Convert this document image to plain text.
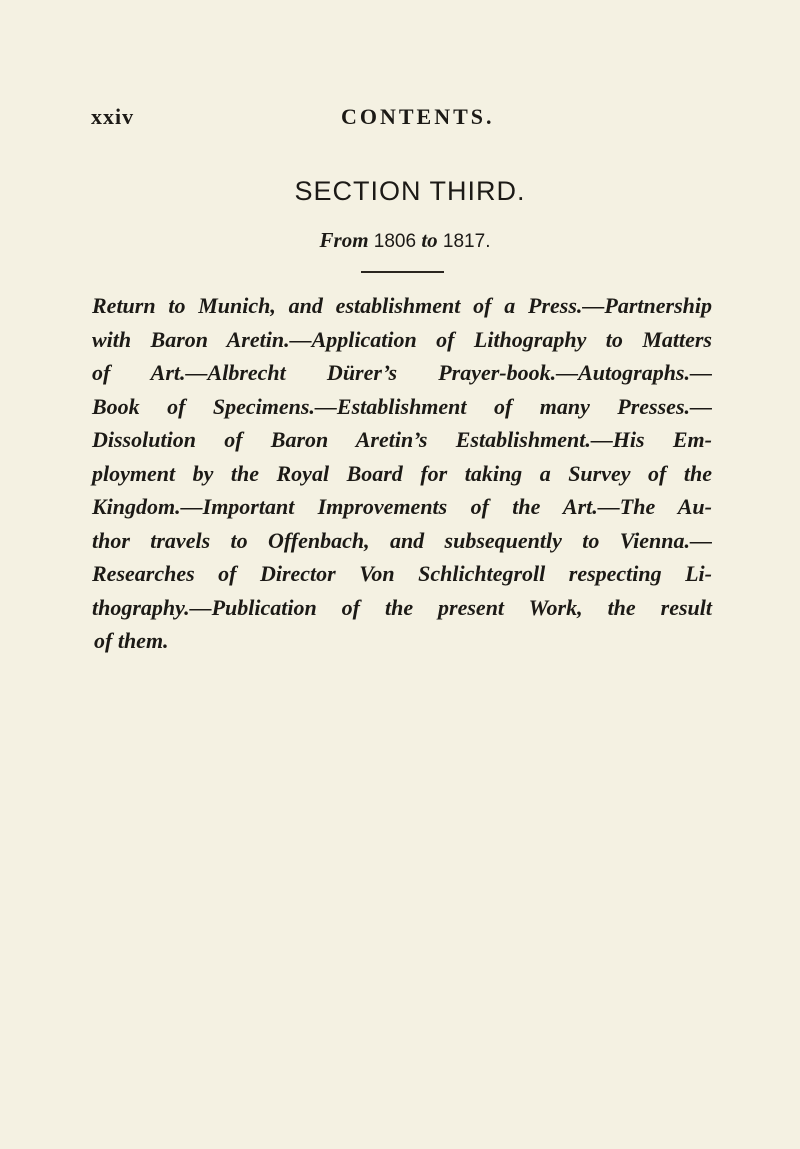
xxiv	CONTENTS.
SECTION THIRD.
From 1806 to 1817.
Return to Munich, and establishment of a Press.—Partnership
with Baron Aretin.—Application of Lithography to Matters
of Art.—Albrecht Dürer’s Prayer-book.—Autographs.—
Book of Specimens.—Establishment of many Presses.—
Dissolution of Baron Aretin’s Establishment.—His Em-
ployment by the Royal Board for taking a Survey of the
Kingdom.—Important Improvements of the Art.—The Au-
thor travels to Offenbach, and subsequently to Vienna.—
Researches of Director Von Schlichtegroll respecting Li-
thography.—Publication of the present Work, the result
of them.
